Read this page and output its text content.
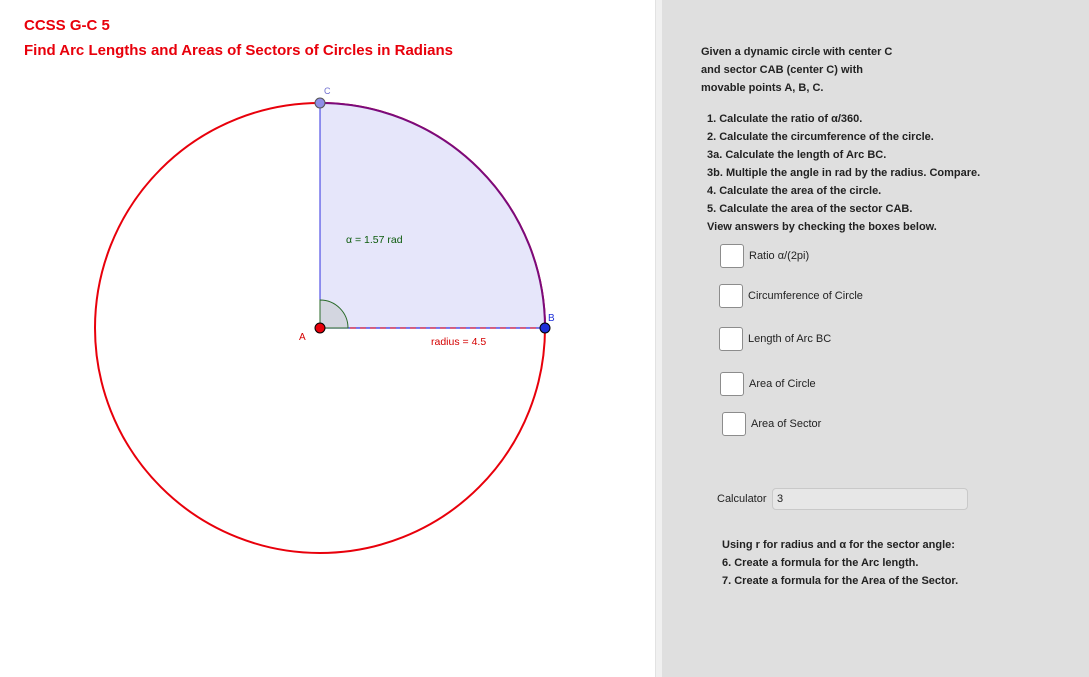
CCSS G-C 5
Find Arc Lengths and Areas of Sectors of Circles in Radians
α = 1.57 rad
radius = 4.5
A
B
C
Given a dynamic circle with center C
and sector CAB (center C) with
movable points A, B, C.
1. Calculate the ratio of α/360.
2. Calculate the circumference of the circle.
3a. Calculate the length of Arc BC.
3b. Multiple the angle in rad by the radius. Compare.
4. Calculate the area of the circle.
5. Calculate the area of the sector CAB.
View answers by checking the boxes below.
Ratio α/(2pi)
Circumference of Circle
Length of Arc BC
Area of Circle
Area of Sector
Calculator
3
Using r for radius and α for the sector angle:
6. Create a formula for the Arc length.
7. Create a formula for the Area of the Sector.
